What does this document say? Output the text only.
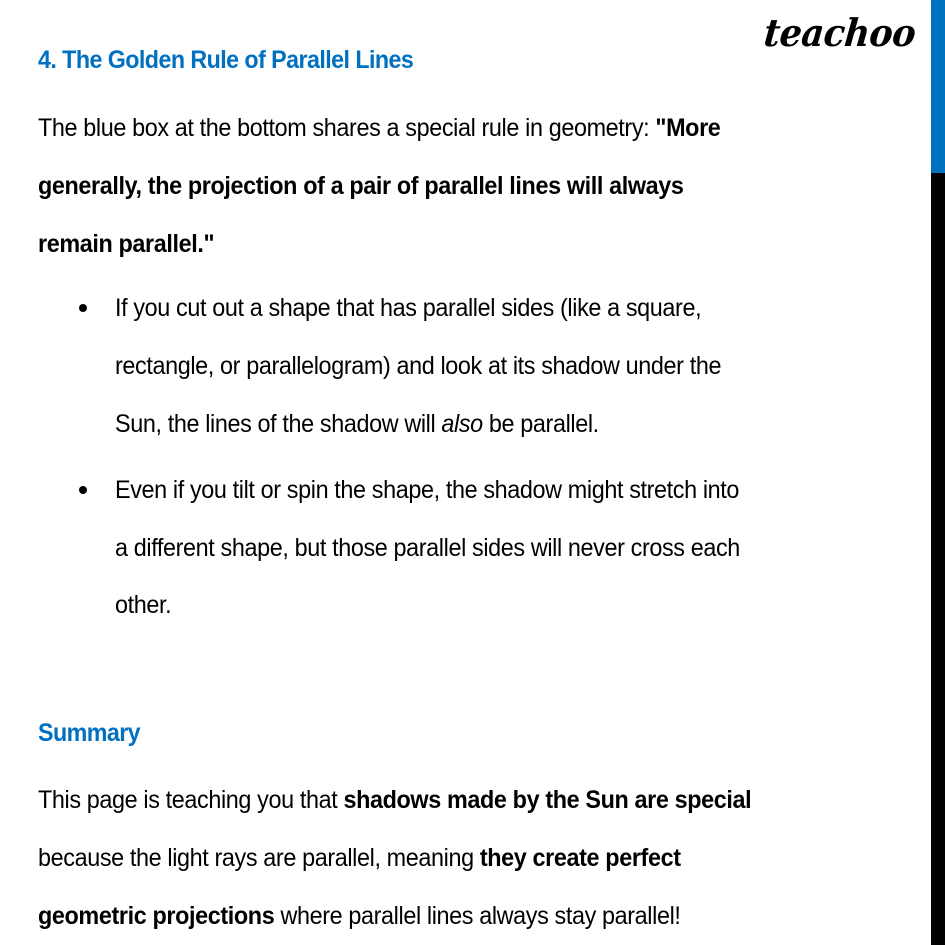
teachoo
4. The Golden Rule of Parallel Lines
The blue box at the bottom shares a special rule in geometry: "More
generally, the projection of a pair of parallel lines will always
remain parallel."
If you cut out a shape that has parallel sides (like a square,
rectangle, or parallelogram) and look at its shadow under the
Sun, the lines of the shadow will also be parallel.
Even if you tilt or spin the shape, the shadow might stretch into
a different shape, but those parallel sides will never cross each
other.
Summary
This page is teaching you that shadows made by the Sun are special
because the light rays are parallel, meaning they create perfect
geometric projections where parallel lines always stay parallel!
